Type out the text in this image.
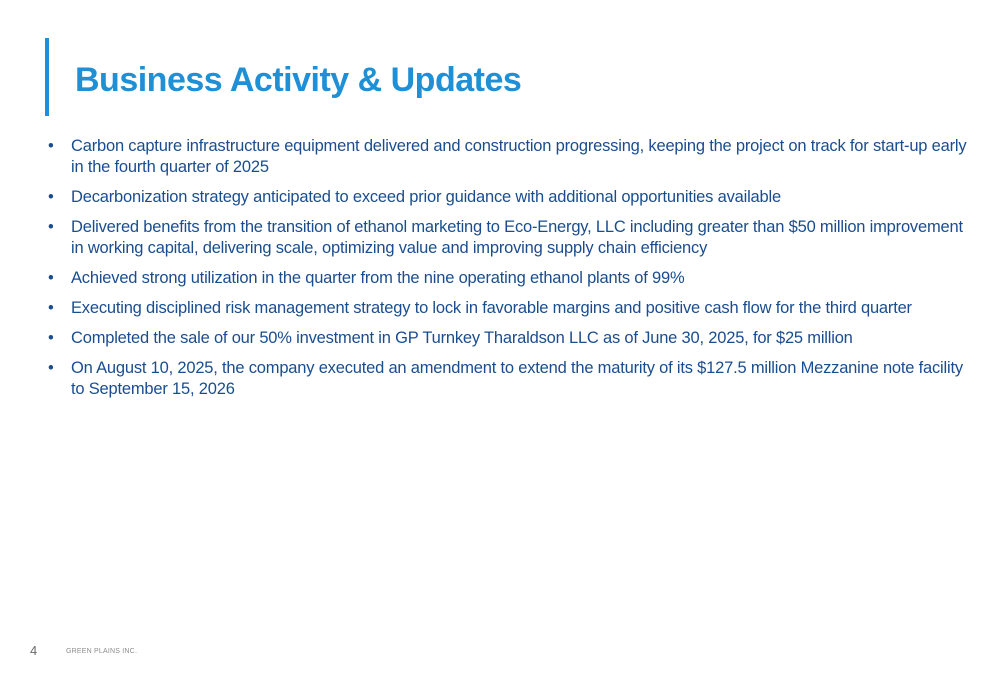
Business Activity & Updates
• Carbon capture infrastructure equipment delivered and construction progressing, keeping the project on track for start-up early in the fourth quarter of 2025
• Decarbonization strategy anticipated to exceed prior guidance with additional opportunities available
• Delivered benefits from the transition of ethanol marketing to Eco-Energy, LLC including greater than $50 million improvement in working capital, delivering scale, optimizing value and improving supply chain efficiency
• Achieved strong utilization in the quarter from the nine operating ethanol plants of 99%
• Executing disciplined risk management strategy to lock in favorable margins and positive cash flow for the third quarter
• Completed the sale of our 50% investment in GP Turnkey Tharaldson LLC as of June 30, 2025, for $25 million
• On August 10, 2025, the company executed an amendment to extend the maturity of its $127.5 million Mezzanine note facility to September 15, 2026
4	GREEN PLAINS INC.
